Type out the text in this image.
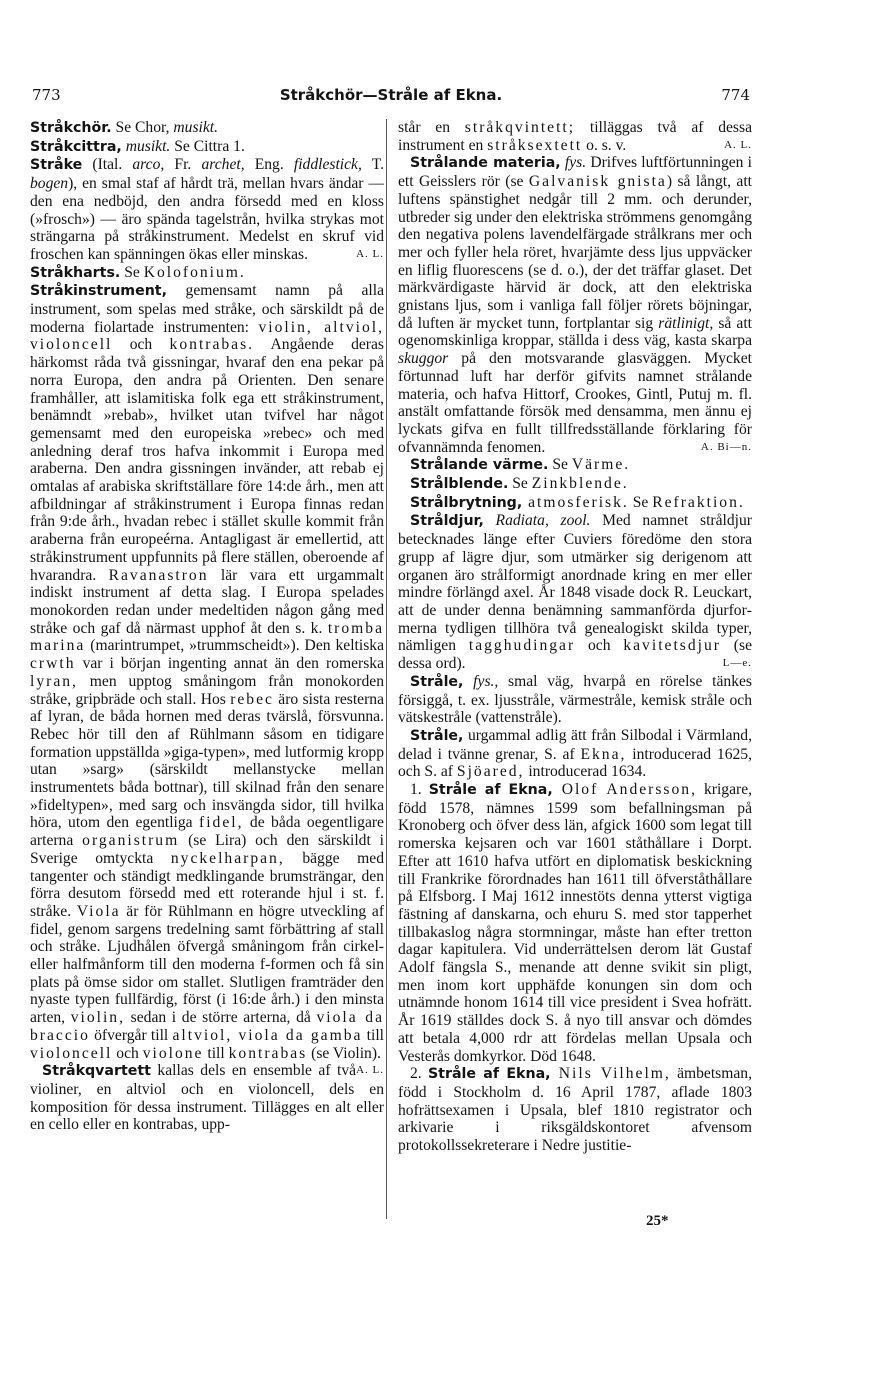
773	Stråkchör—Stråle af Ekna.	774

Stråkchör. Se Chor, musikt.

Stråkcittra, musikt. Se Cittra 1.

Stråke (Ital. arco, Fr. archet, Eng. fiddlestick, T. bogen), en smal staf af hårdt trä, mellan hvars ändar — den ena nedböjd, den andra försedd med en kloss (»frosch») — äro spända tagelstrån, hvilka strykas mot strängarna på stråkinstrument. Medelst en skruf vid froschen kan spänningen ökas eller minskas.	A. L.

Stråkharts. Se Kolofonium.

Stråkinstrument, gemensamt namn på alla instrument, som spelas med stråke, och särskildt på de moderna fiolartade instrumenten: violin, altviol, violoncell och kontrabas. Angående deras härkomst råda två gissningar, hvaraf den ena pekar på norra Europa, den andra på Orienten. Den senare framhåller, att islamitiska folk ega ett stråkinstrument, benämndt »rebab», hvilket utan tvifvel har något gemensamt med den europeiska »rebec» och med anledning deraf tros hafva inkommit i Europa med araberna. Den andra gissningen invänder, att rebab ej omtalas af arabiska skriftställare före 14:de årh., men att afbildningar af stråkinstrument i Europa finnas redan från 9:de årh., hvadan rebec i stället skulle kommit från araberna från europeérna. Antagligast är emellertid, att stråkinstrument uppfunnits på flere ställen, oberoende af hvarandra. Ravanastron lär vara ett urgammalt indiskt instrument af detta slag. I Europa spelades monokorden redan under medeltiden någon gång med stråke och gaf då närmast upphof åt den s. k. tromba marina (marintrumpet, »trummscheidt»). Den keltiska crwth var i början ingenting annat än den romerska lyran, men upptog småningom från monokorden stråke, gripbräde och stall. Hos rebec äro sista resterna af lyran, de båda hornen med deras tvärslå, försvunna. Rebec hör till den af Rühlmann såsom en tidigare formation uppställda »giga-typen», med lutformig kropp utan »sarg» (särskildt mellanstycke mellan instrumentets båda bottnar), till skilnad från den senare »fideltypen», med sarg och insvängda sidor, till hvilka höra, utom den egentliga fidel, de båda oegentligare arterna organistrum (se Lira) och den särskildt i Sverige omtyckta nyckelharpan, bägge med tangenter och ständigt medklingande brumsträngar, den förra desutom försedd med ett roterande hjul i st. f. stråke. Viola är för Rühlmann en högre utveckling af fidel, genom sargens tredelning samt förbättring af stall och stråke. Ljudhålen öfvergå småningom från cirkel- eller halfmånform till den moderna f-formen och få sin plats på ömse sidor om stallet. Slutligen framträder den nyaste typen fullfärdig, först (i 16:de årh.) i den minsta arten, violin, sedan i de större arterna, då viola da braccio öfvergår till altviol, viola da gamba till violoncell och violone till kontrabas (se Violin).
A. L.

Stråkqvartett kallas dels en ensemble af två violiner, en altviol och en violoncell, dels en komposition för dessa instrument. Tillägges en alt eller en cello eller en kontrabas, upp-

står en stråkqvintett; tilläggas två af dessa instrument en stråksextett o. s. v.	A. L.

Strålande materia, fys. Drifves luftförtunningen i ett Geisslers rör (se Galvanisk gnista) så långt, att luftens spänstighet nedgår till 2 mm. och derunder, utbreder sig under den elektriska strömmens genomgång den negativa polens lavendelfärgade strålkrans mer och mer och fyller hela röret, hvarjämte dess ljus uppväcker en liflig fluorescens (se d. o.), der det träffar glaset. Det märkvärdigaste härvid är dock, att den elektriska gnistans ljus, som i vanliga fall följer rörets böjningar, då luften är mycket tunn, fortplantar sig rätlinigt, så att ogenomskinliga kroppar, ställda i dess väg, kasta skarpa skuggor på den motsvarande glasväggen. Mycket förtunnad luft har derför gifvits namnet strålande materia, och hafva Hittorf, Crookes, Gintl, Putuj m. fl. anstält omfattande försök med densamma, men ännu ej lyckats gifva en fullt tillfredsställande förklaring för ofvannämnda fenomen.	A. Bi—n.

Strålande värme. Se Värme.

Strålblende. Se Zinkblende.

Strålbrytning, atmosferisk. Se Refraktion.

Stråldjur, Radiata, zool. Med namnet stråldjur betecknades länge efter Cuviers föredöme den stora grupp af lägre djur, som utmärker sig derigenom att organen äro strålformigt anordnade kring en mer eller mindre förlängd axel. År 1848 visade dock R. Leuckart, att de under denna benämning sammanförda djurformerna tydligen tillhöra två genealogiskt skilda typer, nämligen tagghudingar och kavitetsdjur (se dessa ord).	L—e.

Stråle, fys., smal väg, hvarpå en rörelse tänkes försiggå, t. ex. ljusstråle, värmestråle, kemisk stråle och vätskestråle (vattenstråle).

Stråle, urgammal adlig ätt från Silbodal i Värmland, delad i tvänne grenar, S. af Ekna, introducerad 1625, och S. af Sjöared, introducerad 1634.

1. Stråle af Ekna, Olof Andersson, krigare, född 1578, nämnes 1599 som befallningsman på Kronoberg och öfver dess län, afgick 1600 som legat till romerska kejsaren och var 1601 ståthållare i Dorpt. Efter att 1610 hafva utfört en diplomatisk beskickning till Frankrike förordnades han 1611 till öfverståthållare på Elfsborg. I Maj 1612 innestöts denna ytterst vigtiga fästning af danskarna, och ehuru S. med stor tapperhet tillbakaslog några stormningar, måste han efter tretton dagar kapitulera. Vid underrättelsen derom lät Gustaf Adolf fängsla S., menande att denne svikit sin pligt, men inom kort upphäfde konungen sin dom och utnämnde honom 1614 till vice president i Svea hofrätt. År 1619 ställdes dock S. å nyo till ansvar och dömdes att betala 4,000 rdr att fördelas mellan Upsala och Vesterås domkyrkor. Död 1648.

2. Stråle af Ekna, Nils Vilhelm, ämbetsman, född i Stockholm d. 16 April 1787, aflade 1803 hofrättsexamen i Upsala, blef 1810 registrator och arkivarie i riksgäldskontoret afvensom protokollssekreterare i Nedre justitie-

25*
